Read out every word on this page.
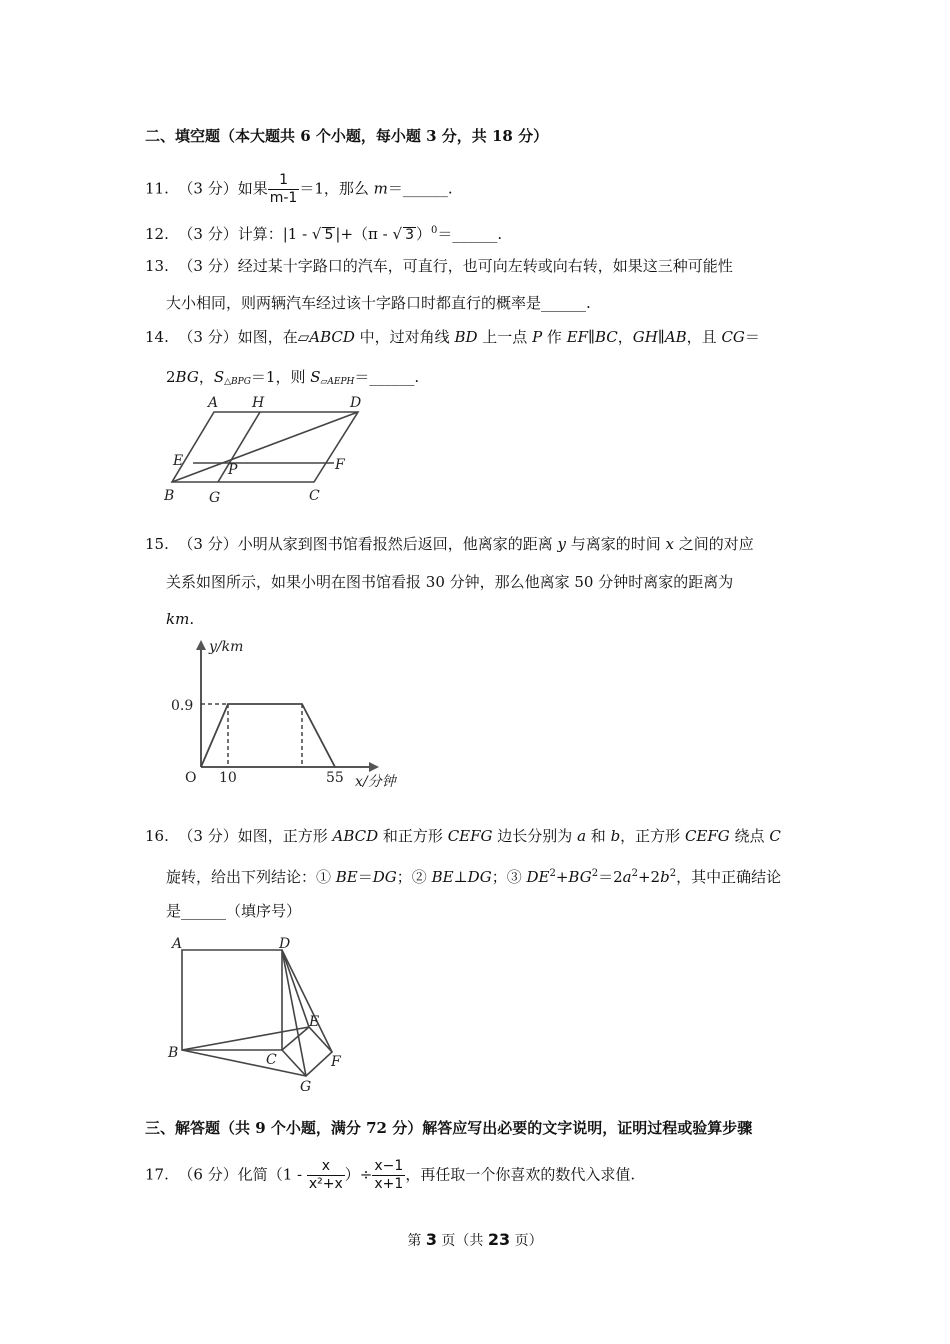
二、填空题（本大题共 6 个小题，每小题 3 分，共 18 分）
11. （3 分）如果 $\frac{1}{m-1} =1$，那么 m＝______.
12. （3 分）计算：|1 - √ 5 |+（π - √ 3 ）$^0$＝______.
13. （3 分）经过某十字路口的汽车，可直行，也可向左转或向右转，如果这三种可能性
大小相同，则两辆汽车经过该十字路口时都直行的概率是______.
14. （3 分）如图，在▱ABCD 中，过对角线 BD 上一点 P 作 EF∥BC，GH∥AB，且 CG＝
2BG，$S_{\triangle BPG}=1$，则 $S_{▱AEPH}=\_\_\_\_\_\_$.
A H	D
E
P	F
B G	C
15. （3 分）小明从家到图书馆看报然后返回，他离家的距离 y 与离家的时间 x 之间的对应
关系如图所示，如果小明在图书馆看报 30 分钟，那么他离家 50 分钟时离家的距离为
km.
y/km
0.9
O 10	55 x/分钟
16. （3 分）如图，正方形 ABCD 和正方形 CEFG 边长分别为 a 和 b，正方形 CEFG 绕点 C
旋转，给出下列结论：① BE＝DG；② BE⊥DG；③ $DE^2+BG^2=2a^2+2b^2$，其中正确结论
是______（填序号）
A	D
E
B	C	F
G
三、解答题（共 9 个小题，满分 72 分）解答应写出必要的文字说明，证明过程或验算步骤
17. （6 分）化简（$1 - \frac{x}{\text{x²+x}}$ ）÷ $\frac{x-1}{x+1}$ ，再任取一个你喜欢的数代入求值.
第 3 页（共 23 页）
